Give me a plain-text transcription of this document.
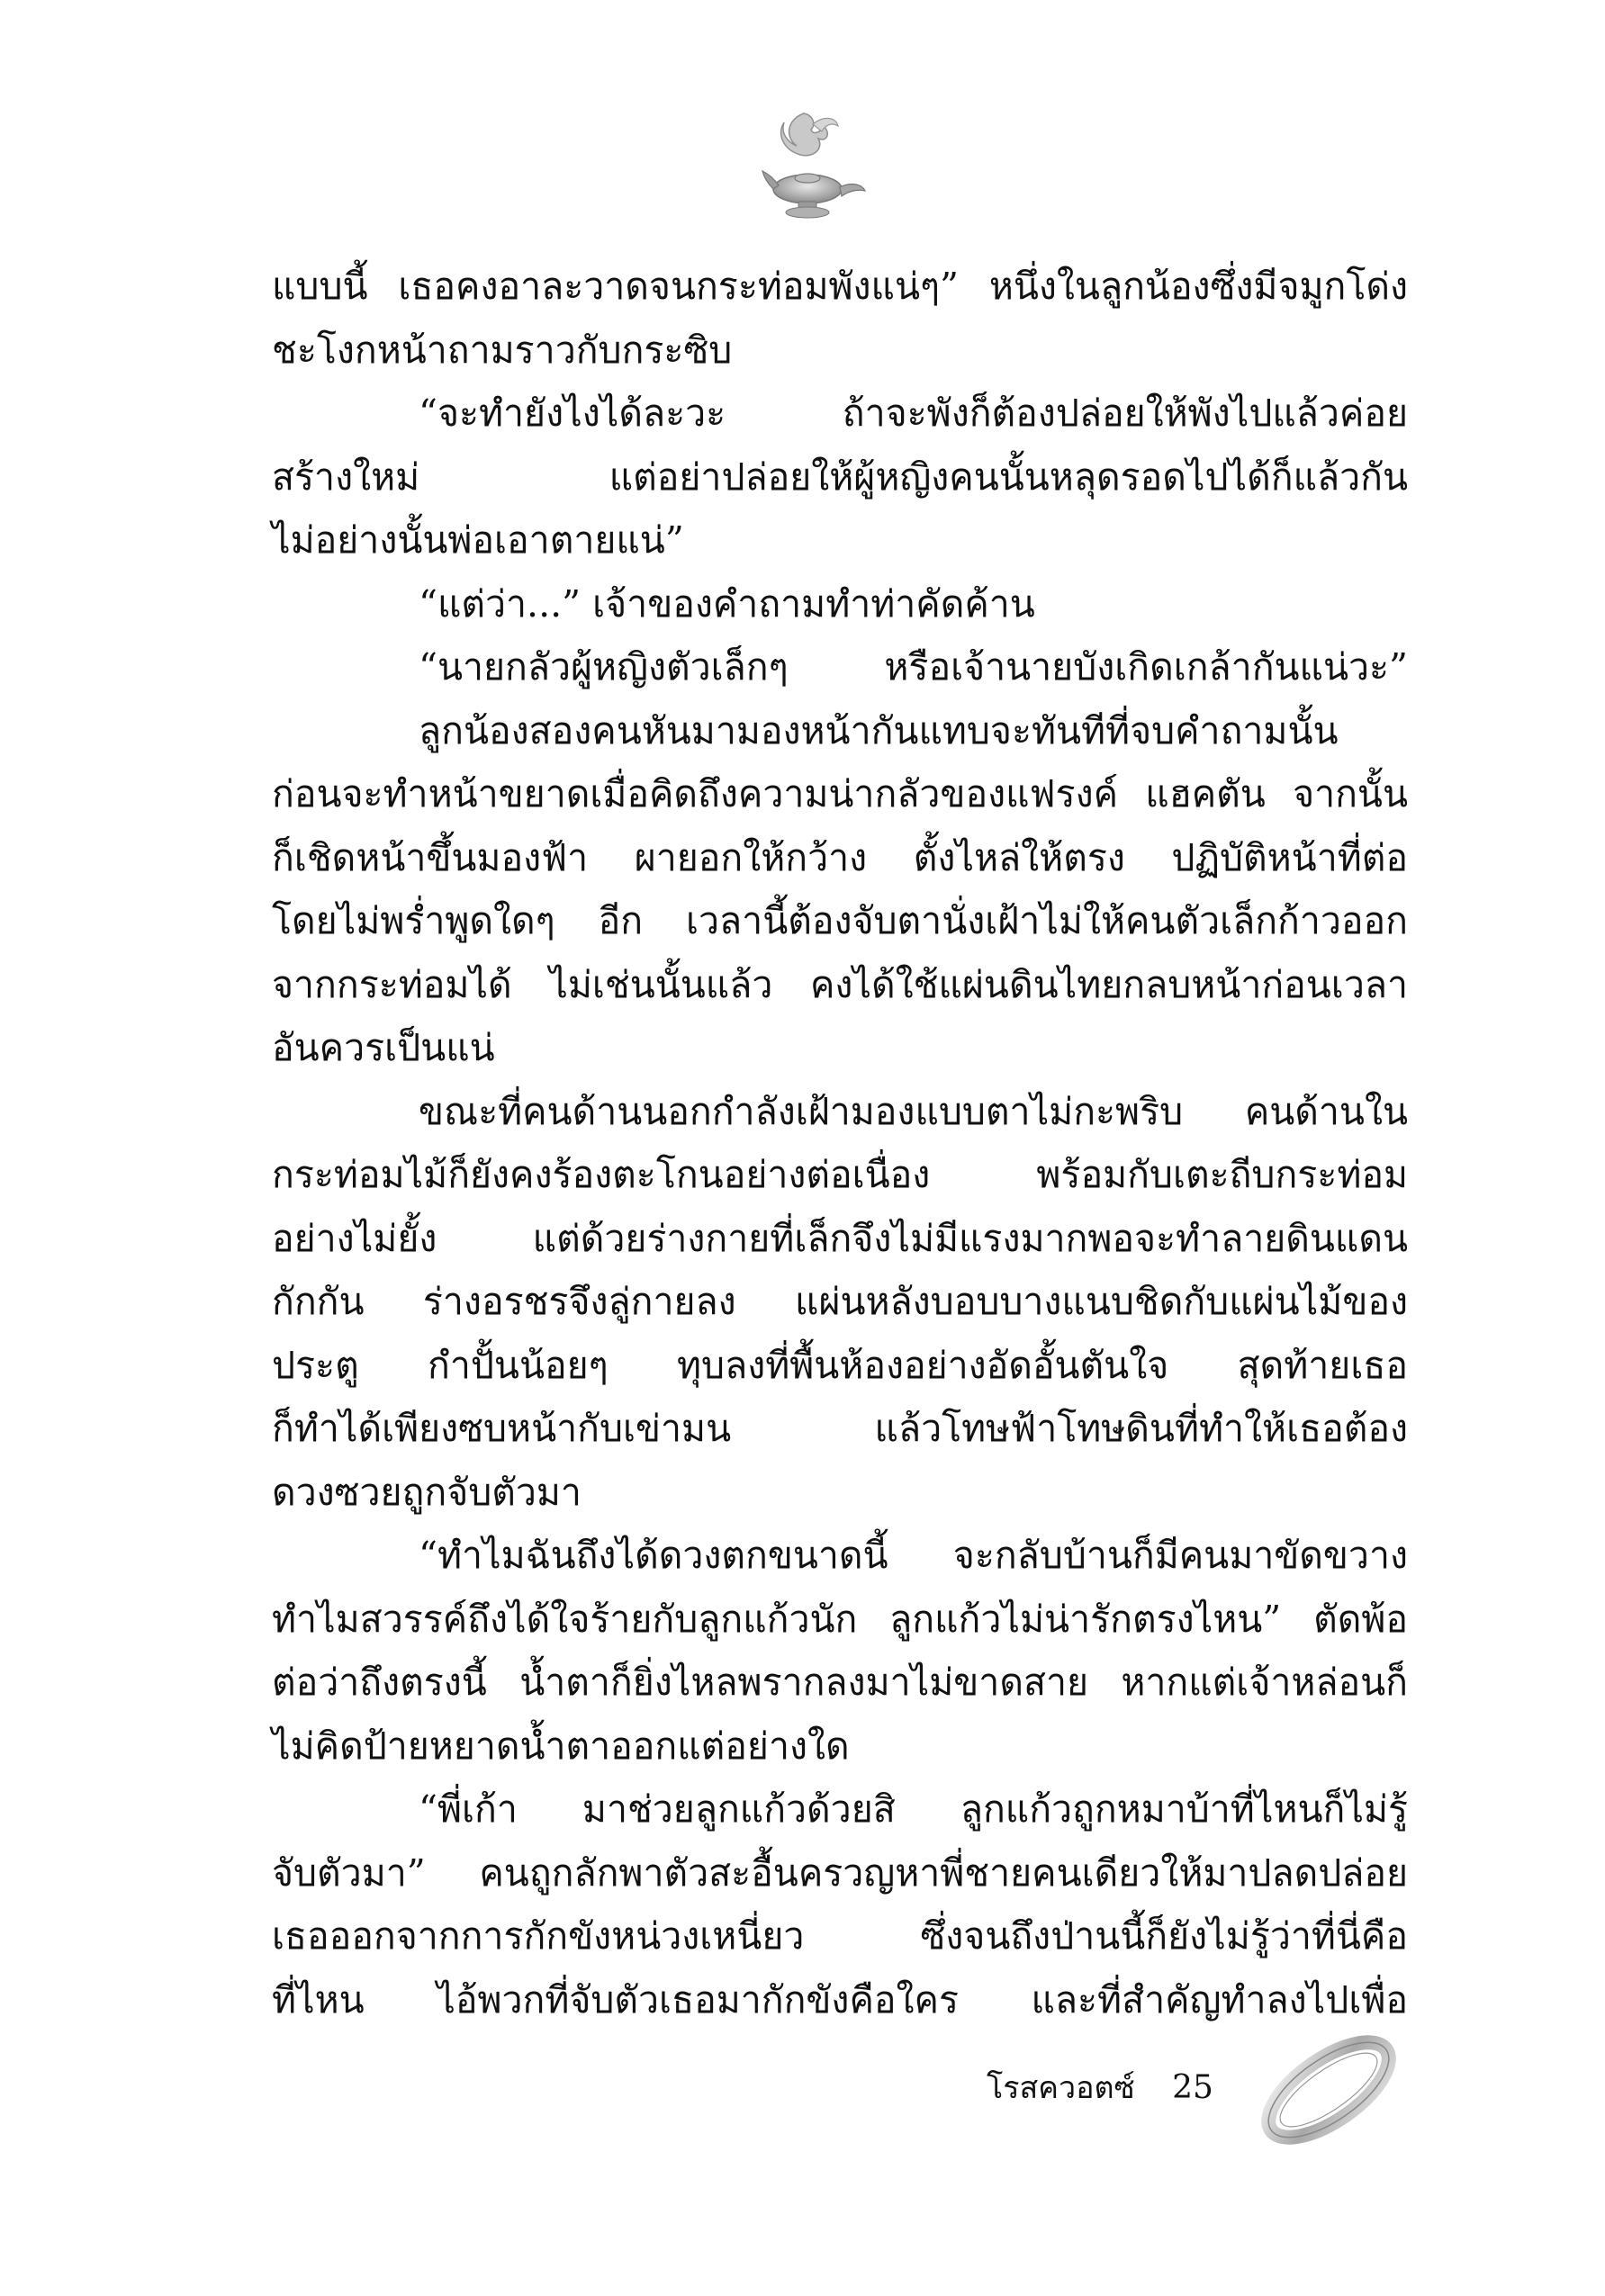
แบบนี้ เธอคงอาละวาดจนกระท่อมพังแน่ๆ” หนึ่งในลูกน้องซึ่งมีจมูกโด่ง
ชะโงกหน้าถามราวกับกระซิบ
“จะทำยังไงได้ละวะ ถ้าจะพังก็ต้องปล่อยให้พังไปแล้วค่อย
สร้างใหม่ แต่อย่าปล่อยให้ผู้หญิงคนนั้นหลุดรอดไปได้ก็แล้วกัน
ไม่อย่างนั้นพ่อเอาตายแน่”
“แต่ว่า...” เจ้าของคำถามทำท่าคัดค้าน
“นายกลัวผู้หญิงตัวเล็กๆ หรือเจ้านายบังเกิดเกล้ากันแน่วะ”
ลูกน้องสองคนหันมามองหน้ากันแทบจะทันทีที่จบคำถามนั้น
ก่อนจะทำหน้าขยาดเมื่อคิดถึงความน่ากลัวของแฟรงค์ แฮคตัน จากนั้น
ก็เชิดหน้าขึ้นมองฟ้า ผายอกให้กว้าง ตั้งไหล่ให้ตรง ปฏิบัติหน้าที่ต่อ
โดยไม่พร่ำพูดใดๆ อีก เวลานี้ต้องจับตานั่งเฝ้าไม่ให้คนตัวเล็กก้าวออก
จากกระท่อมได้ ไม่เช่นนั้นแล้ว คงได้ใช้แผ่นดินไทยกลบหน้าก่อนเวลา
อันควรเป็นแน่
ขณะที่คนด้านนอกกำลังเฝ้ามองแบบตาไม่กะพริบ คนด้านใน
กระท่อมไม้ก็ยังคงร้องตะโกนอย่างต่อเนื่อง พร้อมกับเตะถีบกระท่อม
อย่างไม่ยั้ง แต่ด้วยร่างกายที่เล็กจึงไม่มีแรงมากพอจะทำลายดินแดน
กักกัน ร่างอรชรจึงลู่กายลง แผ่นหลังบอบบางแนบชิดกับแผ่นไม้ของ
ประตู กำปั้นน้อยๆ ทุบลงที่พื้นห้องอย่างอัดอั้นตันใจ สุดท้ายเธอ
ก็ทำได้เพียงซบหน้ากับเข่ามน แล้วโทษฟ้าโทษดินที่ทำให้เธอต้อง
ดวงซวยถูกจับตัวมา
“ทำไมฉันถึงได้ดวงตกขนาดนี้ จะกลับบ้านก็มีคนมาขัดขวาง
ทำไมสวรรค์ถึงได้ใจร้ายกับลูกแก้วนัก ลูกแก้วไม่น่ารักตรงไหน” ตัดพ้อ
ต่อว่าถึงตรงนี้ น้ำตาก็ยิ่งไหลพรากลงมาไม่ขาดสาย หากแต่เจ้าหล่อนก็
ไม่คิดป้ายหยาดน้ำตาออกแต่อย่างใด
“พี่เก้า มาช่วยลูกแก้วด้วยสิ ลูกแก้วถูกหมาบ้าที่ไหนก็ไม่รู้
จับตัวมา” คนถูกลักพาตัวสะอื้นครวญหาพี่ชายคนเดียวให้มาปลดปล่อย
เธอออกจากการกักขังหน่วงเหนี่ยว ซึ่งจนถึงป่านนี้ก็ยังไม่รู้ว่าที่นี่คือ
ที่ไหน ไอ้พวกที่จับตัวเธอมากักขังคือใคร และที่สำคัญทำลงไปเพื่อ
โรสควอตซ์ 25
